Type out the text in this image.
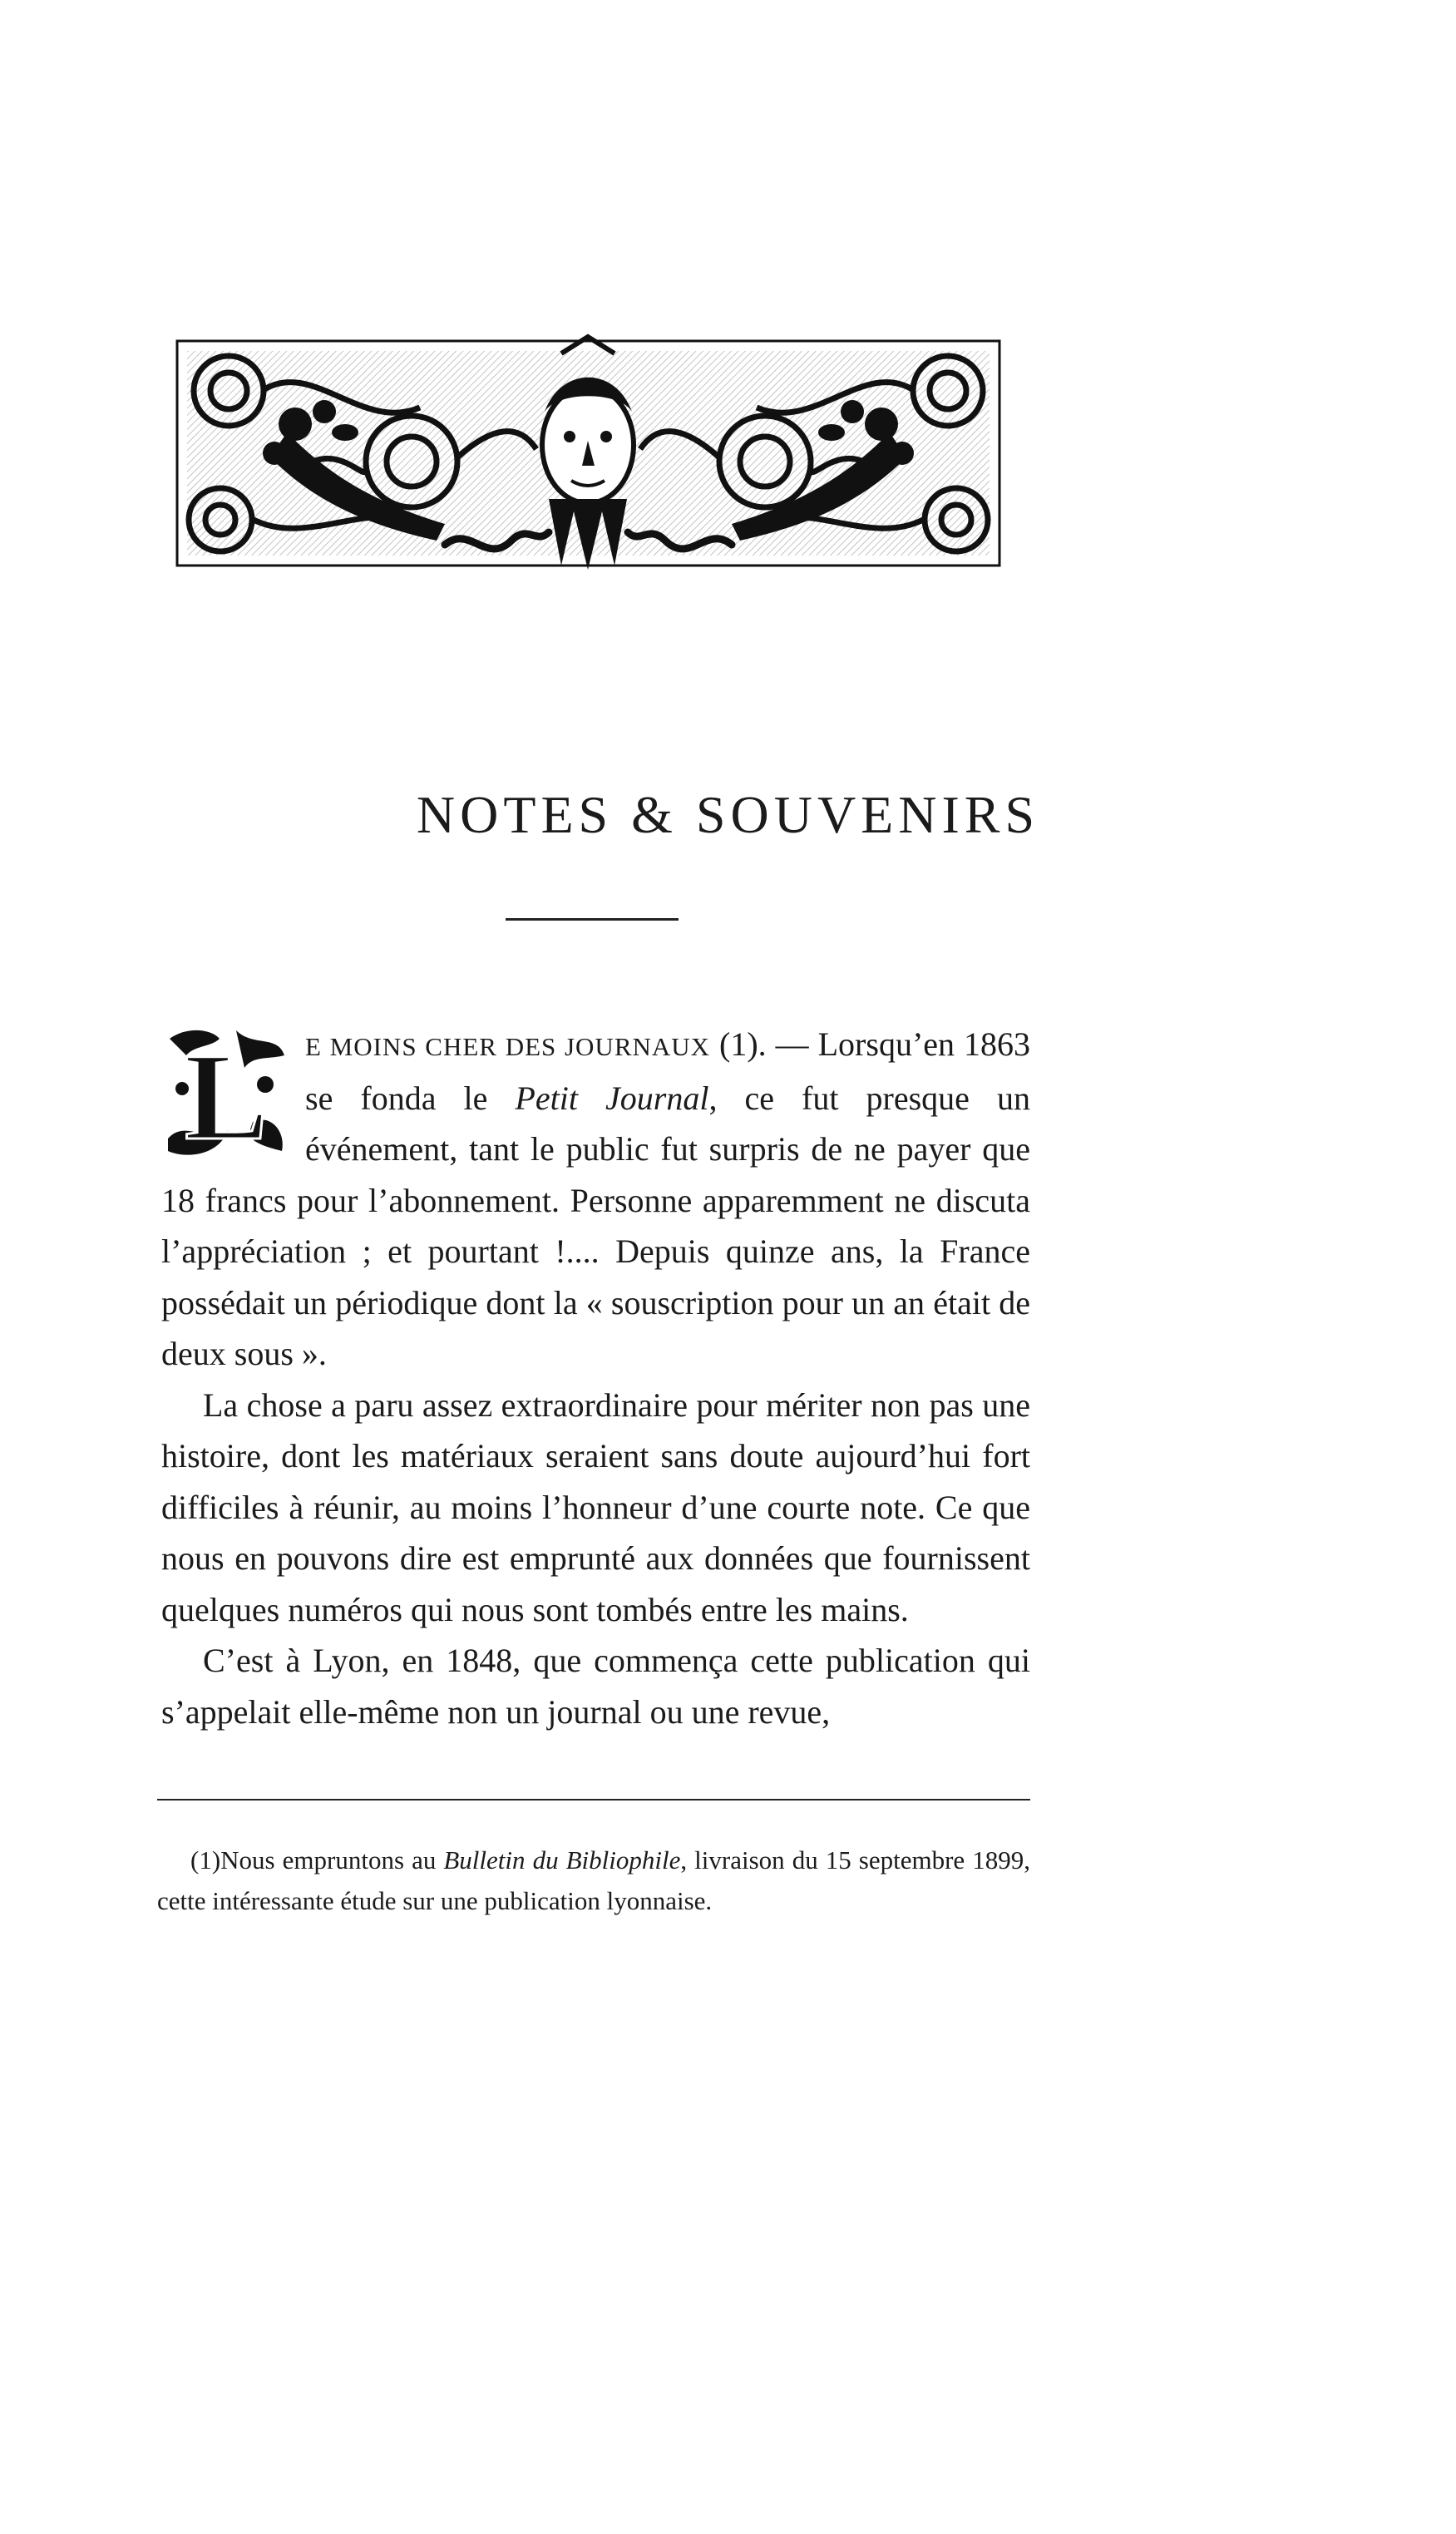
NOTES & SOUVENIRS

L E MOINS CHER DES JOURNAUX (1). — Lorsqu’en 1863 se fonda le Petit Journal, ce fut presque un événement, tant le public fut surpris de ne payer que 18 francs pour l’abonnement. Personne apparemment ne discuta l’appréciation ; et pourtant !.... Depuis quinze ans, la France possédait un périodique dont la « souscription pour un an était de deux sous ».

La chose a paru assez extraordinaire pour mériter non pas une histoire, dont les matériaux seraient sans doute aujourd’hui fort difficiles à réunir, au moins l’honneur d’une courte note. Ce que nous en pouvons dire est emprunté aux données que fournissent quelques numéros qui nous sont tombés entre les mains.

C’est à Lyon, en 1848, que commença cette publication qui s’appelait elle-même non un journal ou une revue,

(1)Nous empruntons au Bulletin du Bibliophile, livraison du 15 septembre 1899, cette intéressante étude sur une publication lyonnaise.
